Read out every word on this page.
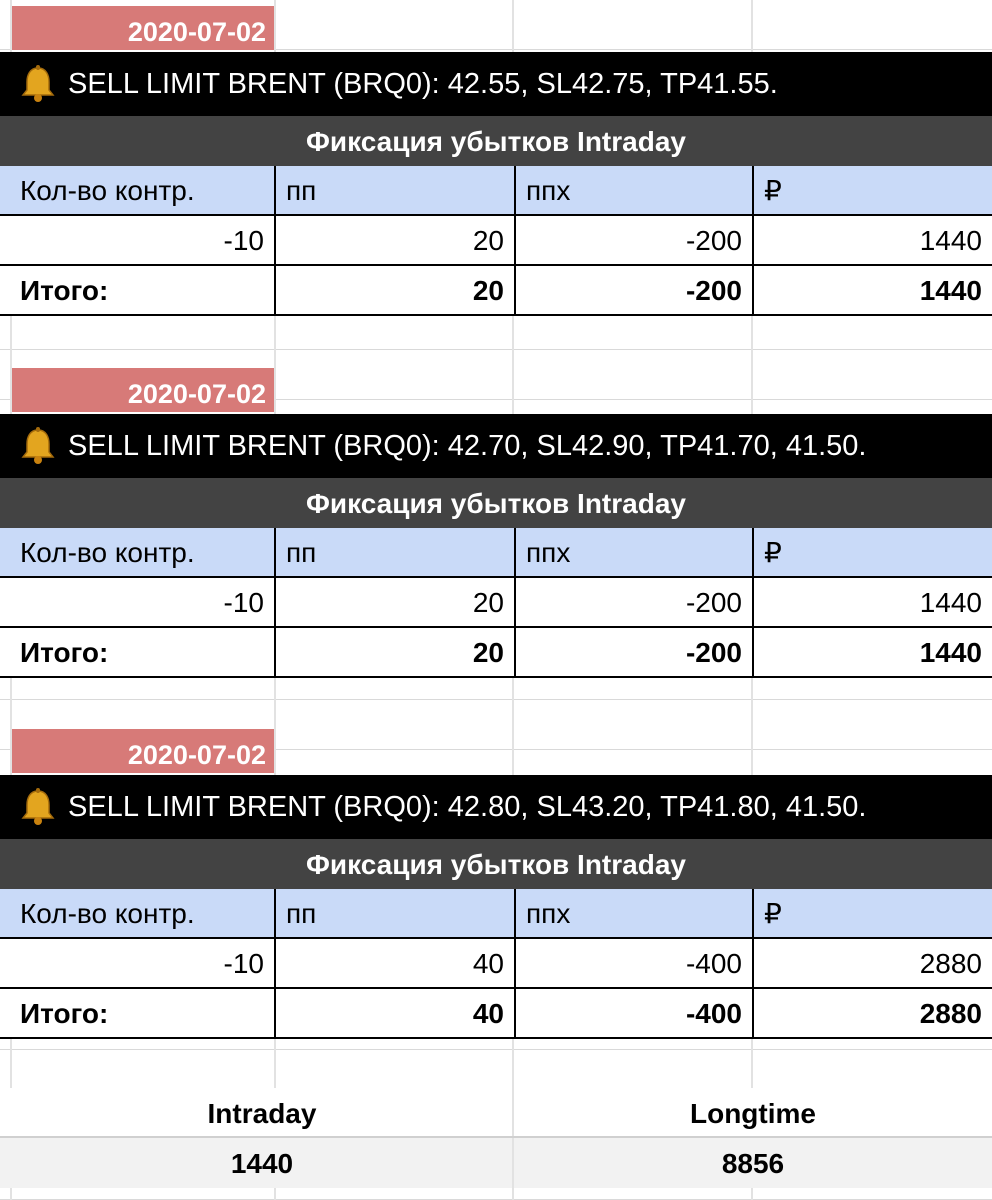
2020-07-02
SELL LIMIT BRENT (BRQ0): 42.55, SL42.75, TP41.55.
Фиксация убытков Intraday
Кол-во контр.	пп	ппх	₽
-10	20	-200	1440
Итого:	20	-200	1440
2020-07-02
SELL LIMIT BRENT (BRQ0): 42.70, SL42.90, TP41.70, 41.50.
Фиксация убытков Intraday
Кол-во контр.	пп	ппх	₽
-10	20	-200	1440
Итого:	20	-200	1440
2020-07-02
SELL LIMIT BRENT (BRQ0): 42.80, SL43.20, TP41.80, 41.50.
Фиксация убытков Intraday
Кол-во контр.	пп	ппх	₽
-10	40	-400	2880
Итого:	40	-400	2880
Intraday	Longtime
1440	8856
